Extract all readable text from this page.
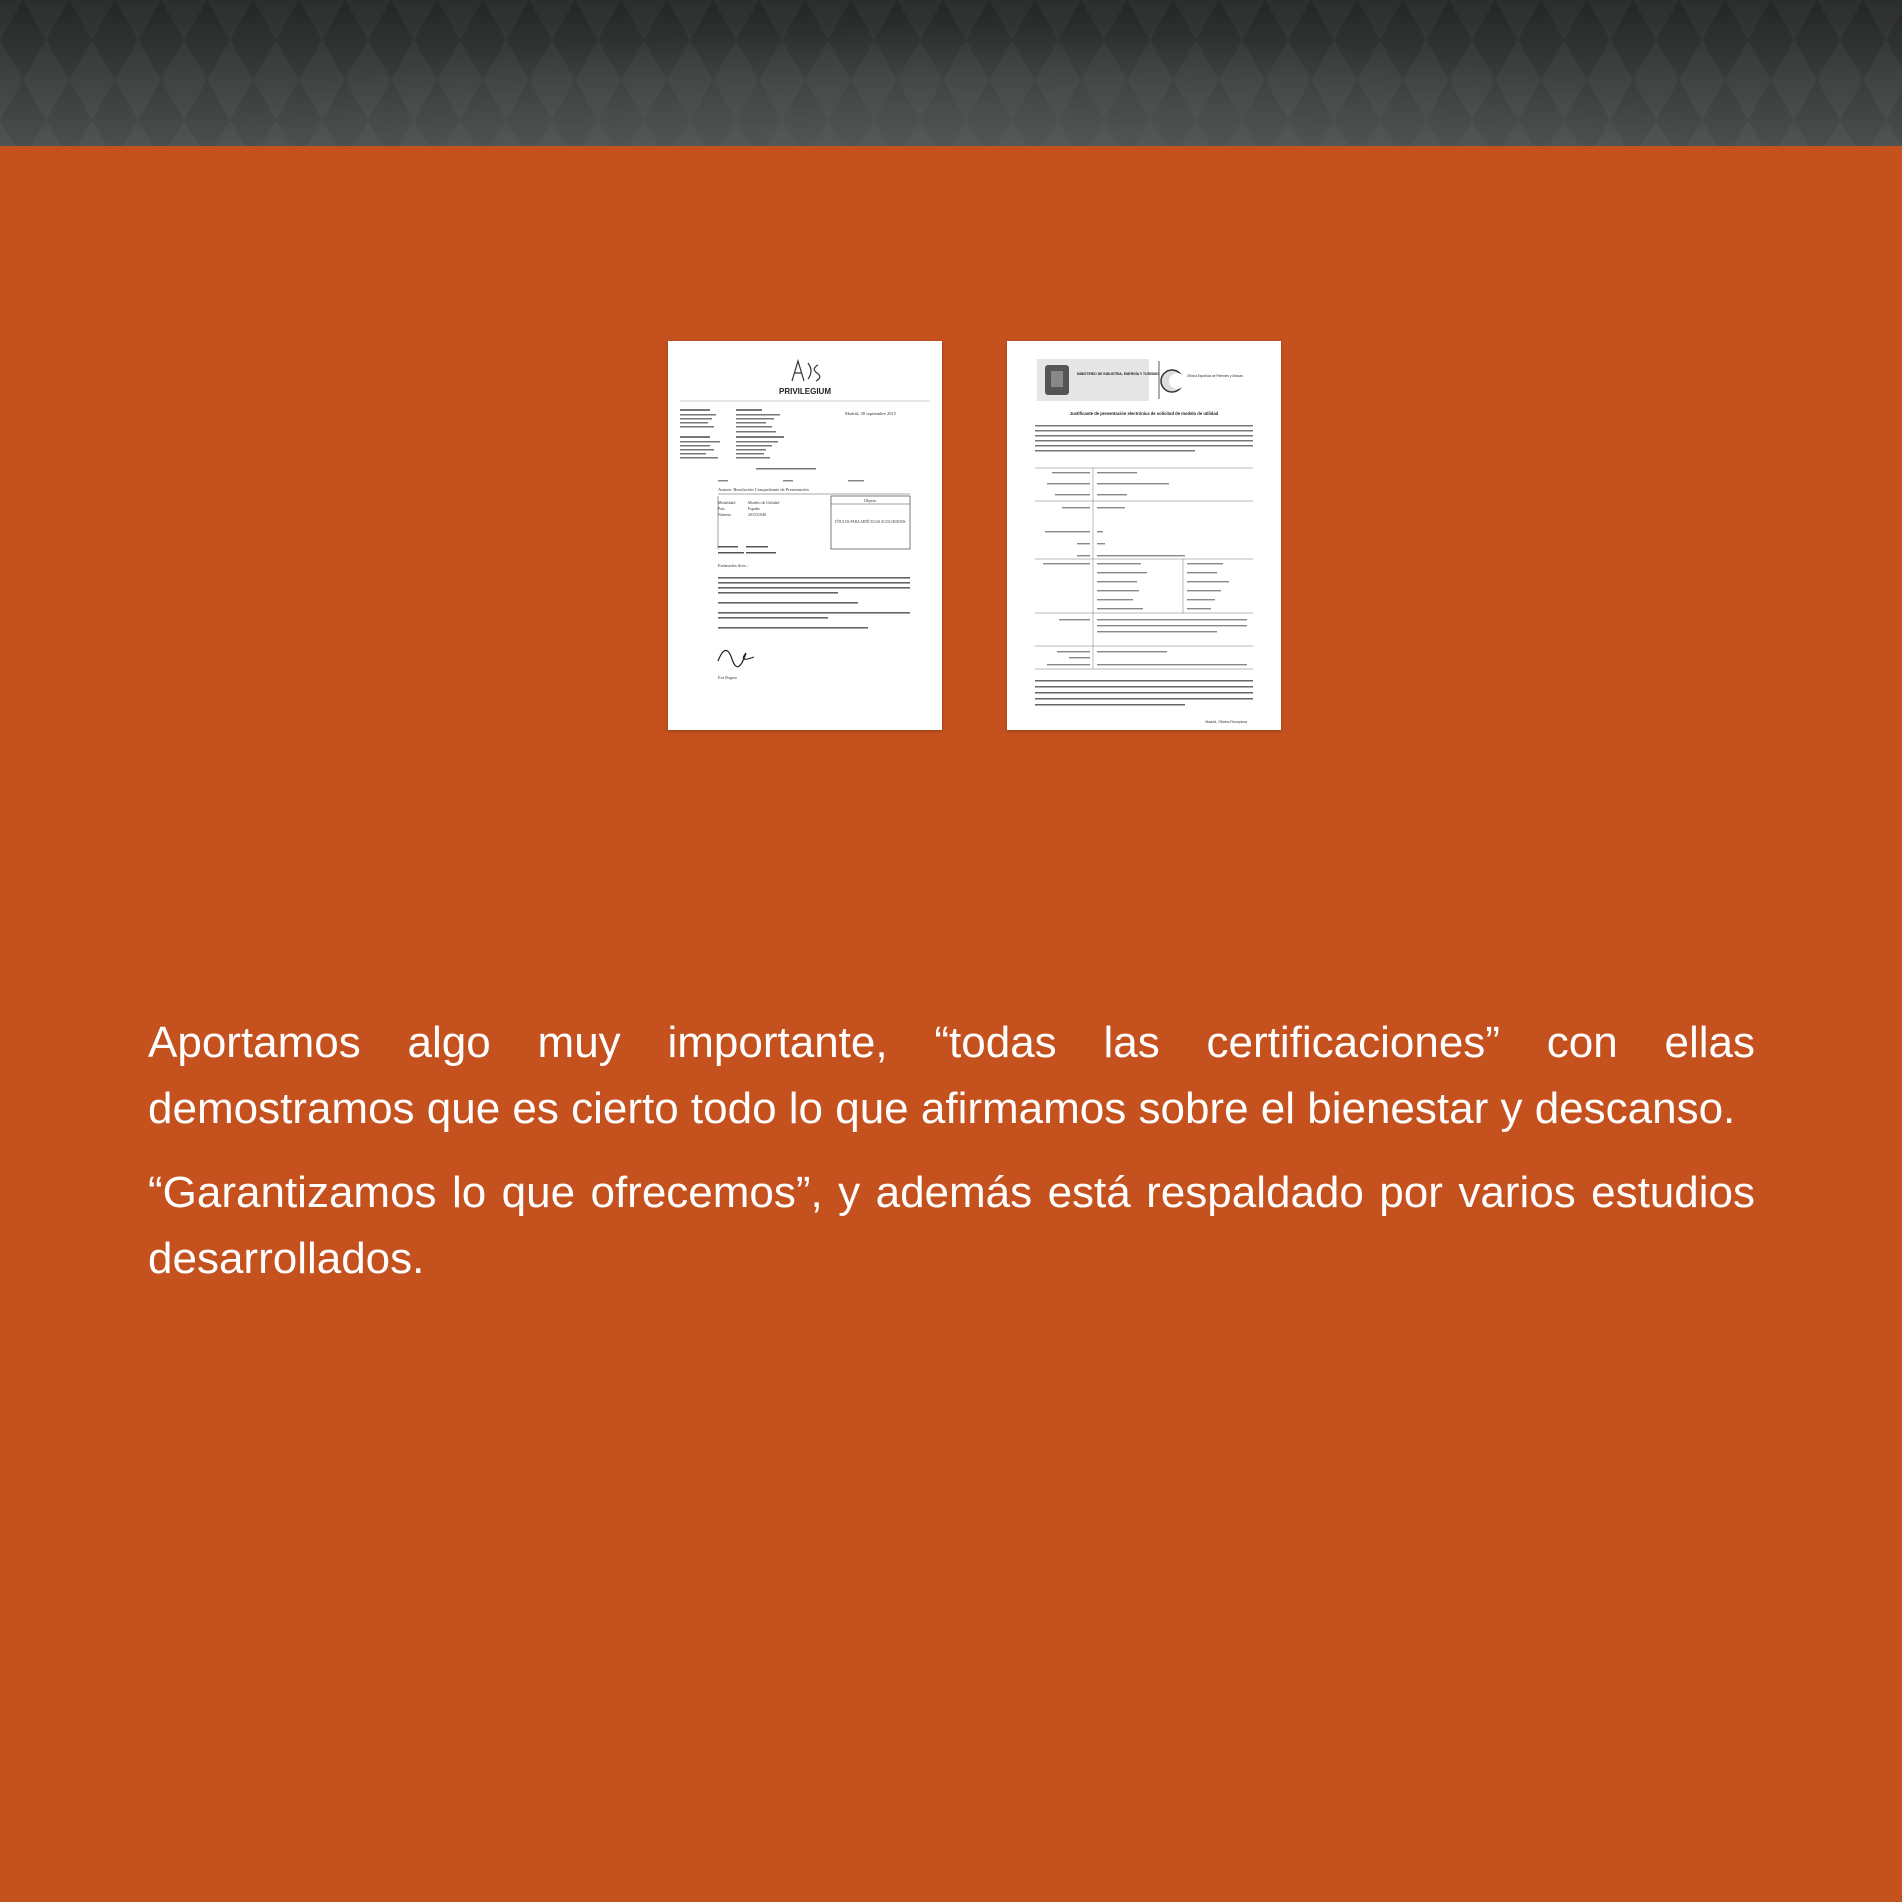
PRIVILEGIUM
Madrid, 30 septiembre 2015
Asunto: Resolución Comprobante de Presentación
Objeto
TÍTULOS PARA ARTÍCULOS ACOLCHADOS
Modalidad	Modelo de Utilidad
País	España
Número	201531048
Estimados Sres.:
Eva Rogero
MINISTERIO DE INDUSTRIA, ENERGÍA Y TURISMO	Oficina Española de Patentes y Marcas
Justificante de presentación electrónica de solicitud de modelo de utilidad
Madrid, Oficina Receptora

Aportamos algo muy importante, “todas las certificaciones” con ellas demostramos que es cierto todo lo que afirmamos sobre el bienestar y descanso.

“Garantizamos lo que ofrecemos”, y además está respaldado por varios estudios desarrollados.
